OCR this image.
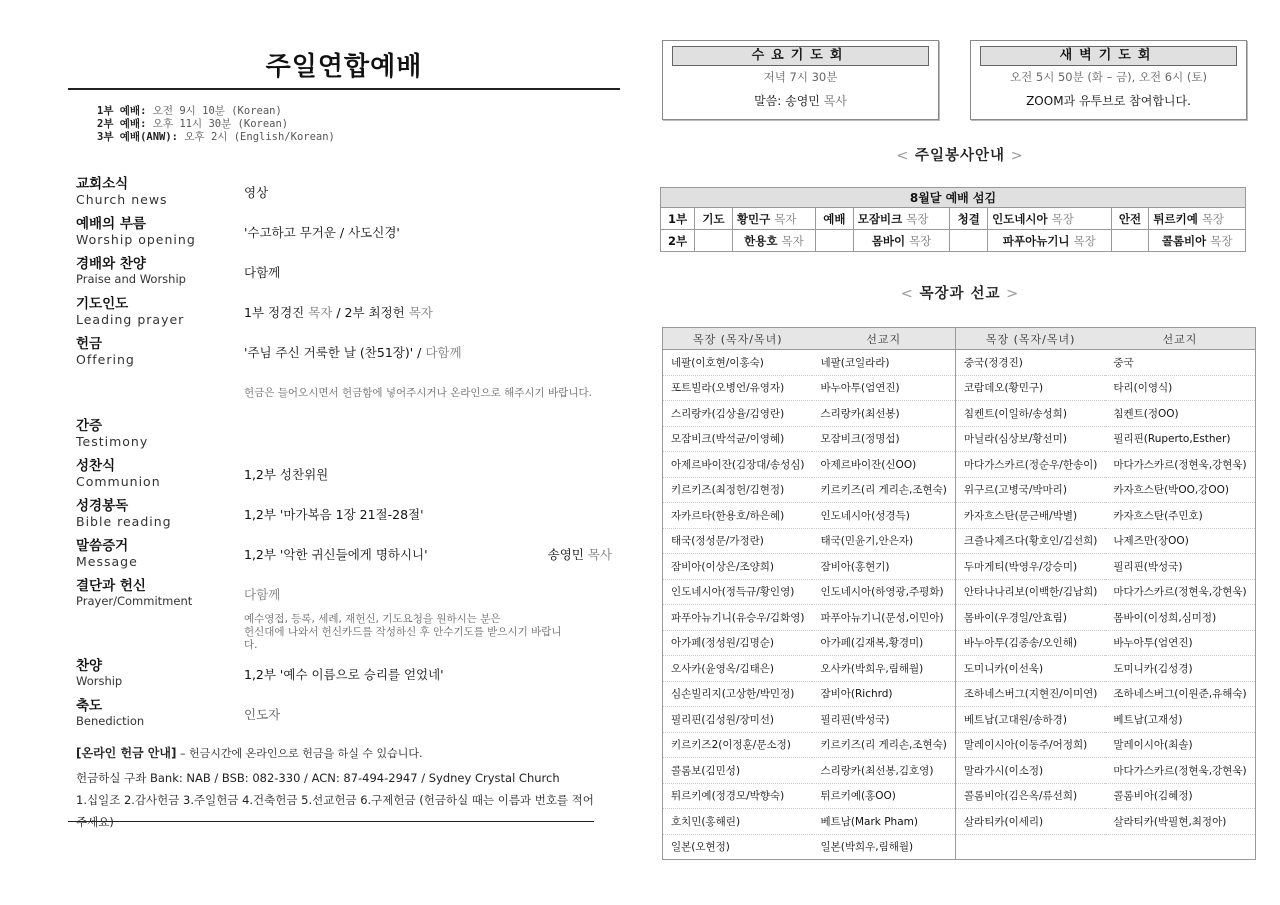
주일연합예배
1부 예배: 오전 9시 10분 (Korean)
2부 예배: 오후 11시 30분 (Korean)
3부 예배(ANW): 오후 2시 (English/Korean)
교회소식
Church news	영상
예배의 부름
Worship opening	'수고하고 무거운 / 사도신경'
경배와 찬양
Praise and Worship	다함께
기도인도
Leading prayer	1부 정경진 목자 / 2부 최정헌 목자
헌금
Offering	'주님 주신 거룩한 날 (찬51장)' / 다함께
헌금은 들어오시면서 헌금함에 넣어주시거나 온라인으로 해주시기 바랍니다.
간증
Testimony
성찬식
Communion	1,2부 성찬위원
성경봉독
Bible reading	1,2부 '마가복음 1장 21절-28절'
말씀증거
Message	1,2부 '악한 귀신들에게 명하시니'	송영민 목사
결단과 헌신
Prayer/Commitment	다함께
예수영접, 등록, 세례, 재헌신, 기도요청을 원하시는 분은
헌신대에 나와서 헌신카드를 작성하신 후 안수기도를 받으시기 바랍니
다.
찬양
Worship	1,2부 '예수 이름으로 승리를 얻었네'
축도
Benediction	인도자
[온라인 헌금 안내] – 헌금시간에 온라인으로 헌금을 하실 수 있습니다.
헌금하실 구좌 Bank: NAB / BSB: 082-330 / ACN: 87-494-2947 / Sydney Crystal Church
1.십일조 2.감사헌금 3.주일헌금 4.건축헌금 5.선교헌금 6.구제헌금 (헌금하실 때는 이름과 번호를 적어주세요)
수요기도회
저녁 7시 30분
말씀: 송영민 목사
새벽기도회
오전 5시 50분 (화 – 금), 오전 6시 (토)
ZOOM과 유투브로 참여합니다.
< 주일봉사안내 >
8월달 예배 섬김								
1부	기도	황민구 목자	예배	모잠비크 목장	청결	인도네시아 목장	안전	튀르키예 목장
2부		한용호 목자		몸바이 목장		파푸아뉴기니 목장		콜롬비아 목장
< 목장과 선교 >
목장 (목자/목녀)	선교지	목장 (목자/목녀)	선교지
네팔(이호현/이홍숙)	네팔(코일라라)	중국(정경진)	중국
포트빌라(오병언/유영자)	바누아투(엄연진)	코람데오(황민구)	타리(이영식)
스리랑카(김상율/김영란)	스리랑카(최선봉)	침켄트(이일하/송성희)	침켄트(정OO)
모잠비크(박석균/이영혜)	모잠비크(정명섭)	마닐라(심상보/황선미)	필리핀(Ruperto,Esther)
아제르바이잔(김장대/송성심)	아제르바이잔(신OO)	마다가스카르(정순우/한송이)	마다가스카르(정현욱,강현욱)
키르키즈(최정헌/김현정)	키르키즈(리 게리손,조현숙)	위구르(고병국/박마리)	카자흐스탄(박OO,강OO)
자카르타(한용호/하은혜)	인도네시아(성경득)	카자흐스탄(문근배/박별)	카자흐스탄(주민호)
태국(정성문/가정란)	태국(민윤기,안은자)	크즐나제즈다(황호인/김선희)	나제즈만(장OO)
잠비아(이상은/조양희)	잠비아(홍현기)	두마게티(박영우/강승미)	필리핀(박성국)
인도네시아(정득규/황인영)	인도네시아(하영광,주평화)	안타나나리보(이백한/김남희)	마다가스카르(정현욱,강현욱)
파푸아뉴기니(유승우/김화영)	파푸아뉴기니(문성,이민아)	몸바이(우경일/안효림)	몸바이(이성희,심미정)
아가페(정성원/김명순)	아가페(김재복,황경미)	바누아투(김종송/오인해)	바누아투(엄연진)
오사카(윤영옥/김태은)	오사카(박희우,림해월)	도미니카(이선욱)	도미니카(김성경)
심손빌리지(고상한/박민정)	잠비아(Richrd)	조하네스버그(지현진/이미연)	조하네스버그(이원준,유해숙)
필리핀(김성원/장미선)	필리핀(박성국)	베트남(고대원/송하경)	베트남(고재성)
키르키즈2(이정훈/문소정)	키르키즈(리 게리손,조현숙)	말레이시아(이동주/어정희)	말레이시아(최솔)
콜롬보(김민성)	스리랑카(최선봉,김호영)	말라가시(이소정)	마다가스카르(정현욱,강현욱)
튀르키예(정경모/박향숙)	튀르키예(홍OO)	콜롬비아(김은옥/류선희)	콜롬비아(김혜정)
호치민(홍해린)	베트남(Mark Pham)	살라티카(이세리)	살라티카(박필현,최정아)
일본(오현정)	일본(박희우,림해월)		
